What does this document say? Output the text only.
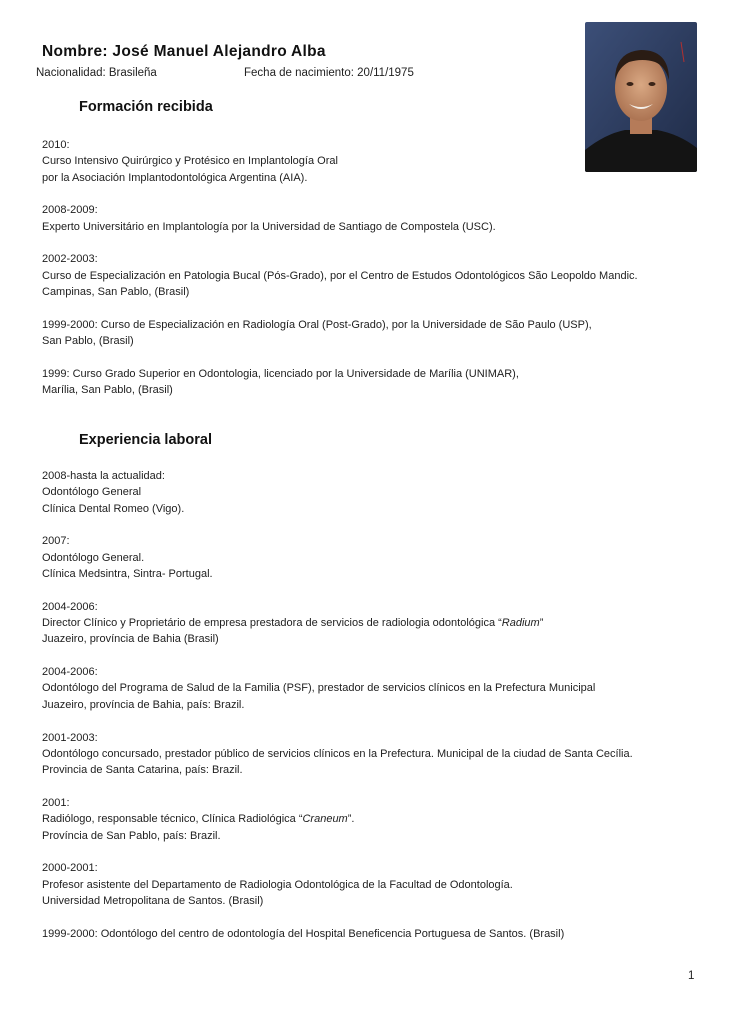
Nombre: José Manuel Alejandro Alba
Nacionalidad: Brasileña	Fecha de nacimiento: 20/11/1975
Formación recibida
2010:
Curso Intensivo Quirúrgico y Protésico en Implantología Oral
por la Asociación Implantodontológica Argentina (AIA).
2008-2009:
Experto Universitário en Implantología por la Universidad de Santiago de Compostela (USC).
2002-2003:
Curso de Especialización en Patologia Bucal (Pós-Grado), por el Centro de Estudos Odontológicos São Leopoldo Mandic.
Campinas, San Pablo, (Brasil)
1999-2000: Curso de Especialización en Radiología Oral (Post-Grado), por la Universidade de São Paulo (USP),
San Pablo, (Brasil)
1999: Curso Grado Superior en Odontologia, licenciado por la Universidade de Marília (UNIMAR),
Marília, San Pablo, (Brasil)
Experiencia laboral
2008-hasta la actualidad:
Odontólogo General
Clínica Dental Romeo (Vigo).
2007:
Odontólogo General.
Clínica Medsintra, Sintra- Portugal.
2004-2006:
Director Clínico y Proprietário de empresa prestadora de servicios de radiologia odontológica “Radium”
Juazeiro, província de Bahia (Brasil)
2004-2006:
Odontólogo del Programa de Salud de la Familia (PSF), prestador de servicios clínicos en la Prefectura Municipal
Juazeiro, província de Bahia, país: Brazil.
2001-2003:
Odontólogo concursado, prestador público de servicios clínicos en la Prefectura. Municipal de la ciudad de Santa Cecília.
Provincia de Santa Catarina, país: Brazil.
2001:
Radiólogo, responsable técnico, Clínica Radiológica “Craneum”.
Província de San Pablo, país: Brazil.
2000-2001:
Profesor asistente del Departamento de Radiologia Odontológica de la Facultad de Odontología.
Universidad Metropolitana de Santos. (Brasil)
1999-2000: Odontólogo del centro de odontología del Hospital Beneficencia Portuguesa de Santos. (Brasil)
1
